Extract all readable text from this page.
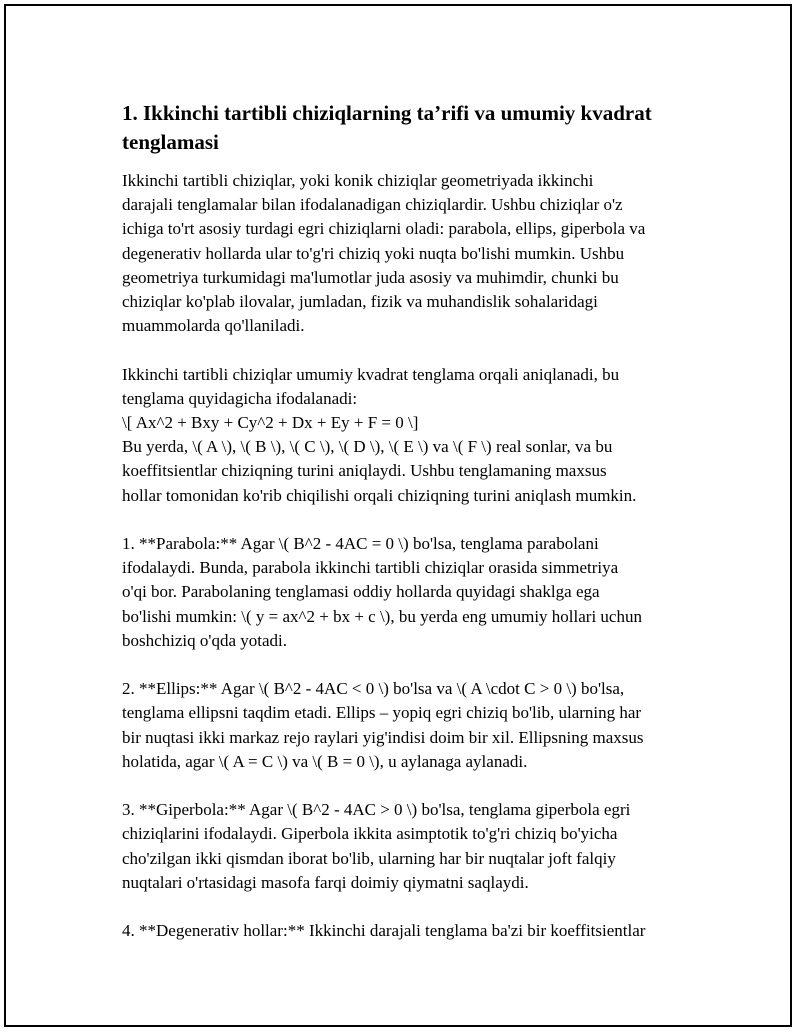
1. Ikkinchi tartibli chiziqlarning ta’rifi va umumiy kvadrat
tenglamasi

Ikkinchi tartibli chiziqlar, yoki konik chiziqlar geometriyada ikkinchi
darajali tenglamalar bilan ifodalanadigan chiziqlardir. Ushbu chiziqlar o'z
ichiga to'rt asosiy turdagi egri chiziqlarni oladi: parabola, ellips, giperbola va
degenerativ hollarda ular to'g'ri chiziq yoki nuqta bo'lishi mumkin. Ushbu
geometriya turkumidagi ma'lumotlar juda asosiy va muhimdir, chunki bu
chiziqlar ko'plab ilovalar, jumladan, fizik va muhandislik sohalaridagi
muammolarda qo'llaniladi.

Ikkinchi tartibli chiziqlar umumiy kvadrat tenglama orqali aniqlanadi, bu
tenglama quyidagicha ifodalanadi:
\[ Ax^2 + Bxy + Cy^2 + Dx + Ey + F = 0 \]
Bu yerda, \( A \), \( B \), \( C \), \( D \), \( E \) va \( F \) real sonlar, va bu
koeffitsientlar chiziqning turini aniqlaydi. Ushbu tenglamaning maxsus
hollar tomonidan ko'rib chiqilishi orqali chiziqning turini aniqlash mumkin.

1. **Parabola:** Agar \( B^2 - 4AC = 0 \) bo'lsa, tenglama parabolani
ifodalaydi. Bunda, parabola ikkinchi tartibli chiziqlar orasida simmetriya
o'qi bor. Parabolaning tenglamasi oddiy hollarda quyidagi shaklga ega
bo'lishi mumkin: \( y = ax^2 + bx + c \), bu yerda eng umumiy hollari uchun
boshchiziq o'qda yotadi.

2. **Ellips:** Agar \( B^2 - 4AC < 0 \) bo'lsa va \( A \cdot C > 0 \) bo'lsa,
tenglama ellipsni taqdim etadi. Ellips – yopiq egri chiziq bo'lib, ularning har
bir nuqtasi ikki markaz rejo raylari yig'indisi doim bir xil. Ellipsning maxsus
holatida, agar \( A = C \) va \( B = 0 \), u aylanaga aylanadi.

3. **Giperbola:** Agar \( B^2 - 4AC > 0 \) bo'lsa, tenglama giperbola egri
chiziqlarini ifodalaydi. Giperbola ikkita asimptotik to'g'ri chiziq bo'yicha
cho'zilgan ikki qismdan iborat bo'lib, ularning har bir nuqtalar joft falqiy
nuqtalari o'rtasidagi masofa farqi doimiy qiymatni saqlaydi.

4. **Degenerativ hollar:** Ikkinchi darajali tenglama ba'zi bir koeffitsientlar
